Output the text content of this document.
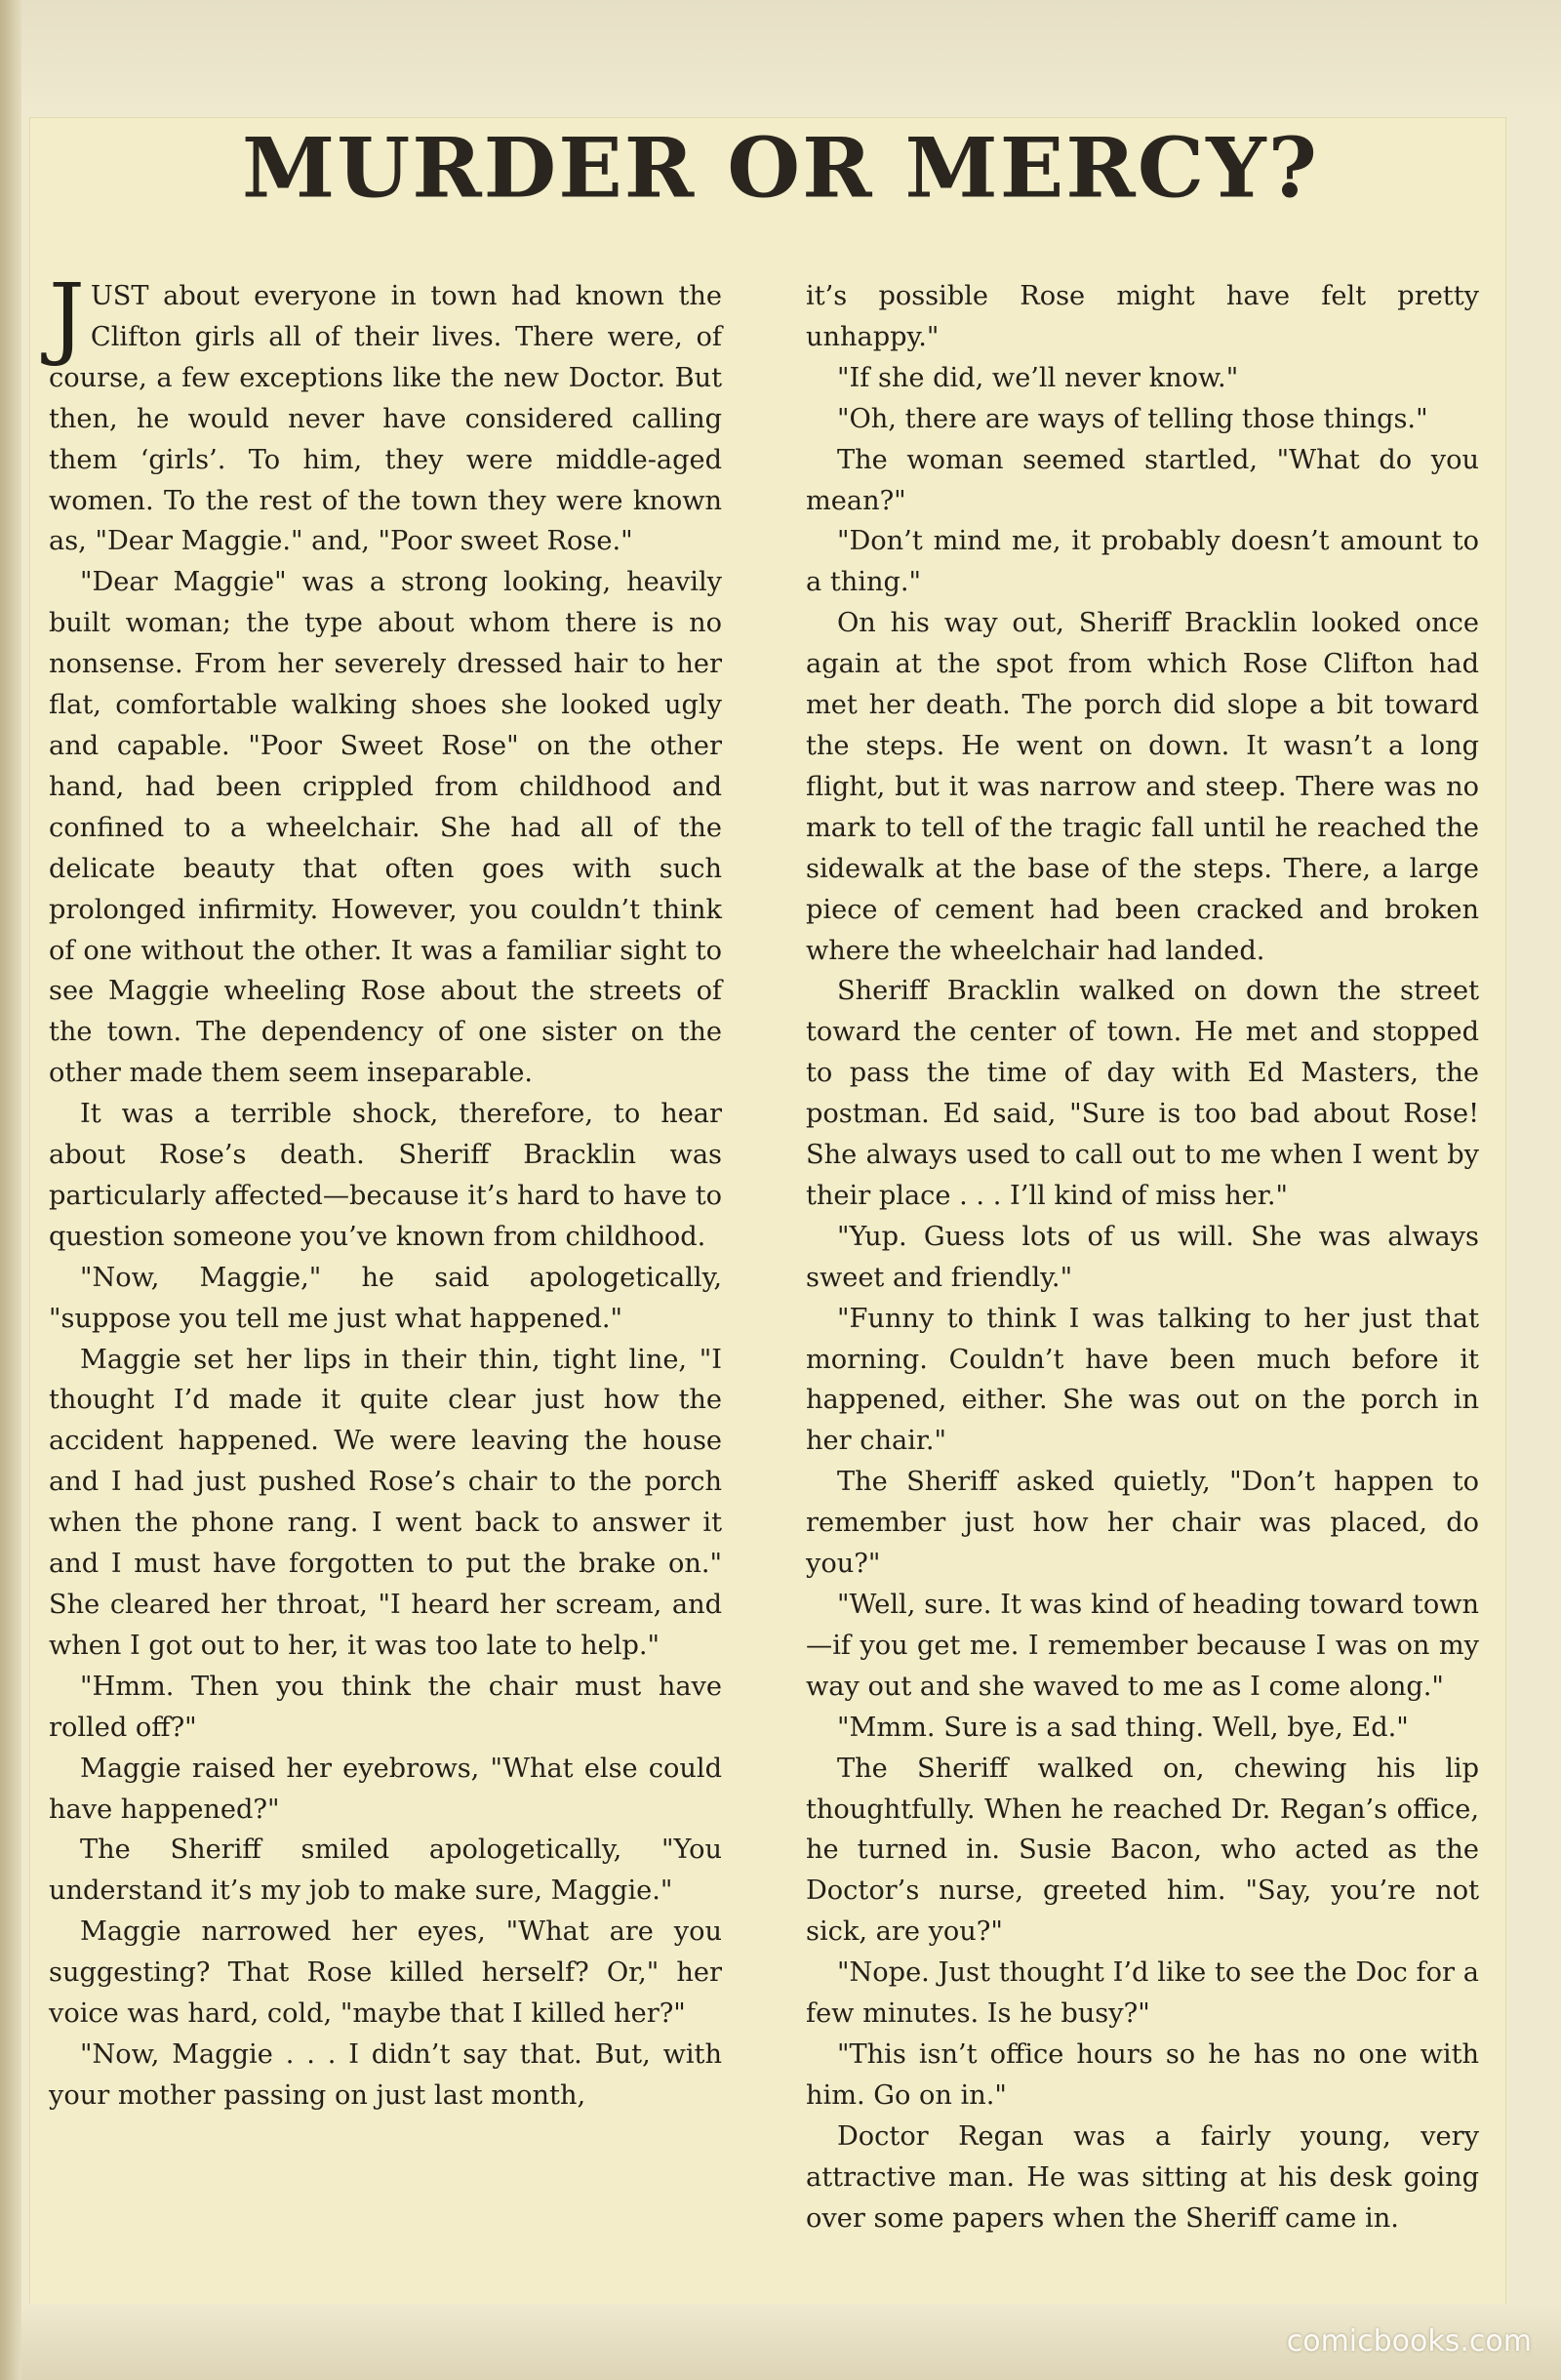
MURDER OR MERCY?

JUST about everyone in town had known the Clifton girls all of their lives. There were, of course, a few exceptions like the new Doctor. But then, he would never have considered calling them ‘girls’. To him, they were middle-aged women. To the rest of the town they were known as, "Dear Maggie." and, "Poor sweet Rose."

"Dear Maggie" was a strong looking, heavily built woman; the type about whom there is no nonsense. From her severely dressed hair to her flat, comfortable walking shoes she looked ugly and capable. "Poor Sweet Rose" on the other hand, had been crippled from childhood and confined to a wheelchair. She had all of the delicate beauty that often goes with such prolonged infirmity. However, you couldn’t think of one without the other. It was a familiar sight to see Maggie wheeling Rose about the streets of the town. The dependency of one sister on the other made them seem inseparable.

It was a terrible shock, therefore, to hear about Rose’s death. Sheriff Bracklin was particularly affected—because it’s hard to have to question someone you’ve known from childhood.

"Now, Maggie," he said apologetically, "suppose you tell me just what happened."

Maggie set her lips in their thin, tight line, "I thought I’d made it quite clear just how the accident happened. We were leaving the house and I had just pushed Rose’s chair to the porch when the phone rang. I went back to answer it and I must have forgotten to put the brake on." She cleared her throat, "I heard her scream, and when I got out to her, it was too late to help."

"Hmm. Then you think the chair must have rolled off?"

Maggie raised her eyebrows, "What else could have happened?"

The Sheriff smiled apologetically, "You understand it’s my job to make sure, Maggie."

Maggie narrowed her eyes, "What are you suggesting? That Rose killed herself? Or," her voice was hard, cold, "maybe that I killed her?"

"Now, Maggie . . . I didn’t say that. But, with your mother passing on just last month,

it’s possible Rose might have felt pretty unhappy."

"If she did, we’ll never know."

"Oh, there are ways of telling those things."

The woman seemed startled, "What do you mean?"

"Don’t mind me, it probably doesn’t amount to a thing."

On his way out, Sheriff Bracklin looked once again at the spot from which Rose Clifton had met her death. The porch did slope a bit toward the steps. He went on down. It wasn’t a long flight, but it was narrow and steep. There was no mark to tell of the tragic fall until he reached the sidewalk at the base of the steps. There, a large piece of cement had been cracked and broken where the wheelchair had landed.

Sheriff Bracklin walked on down the street toward the center of town. He met and stopped to pass the time of day with Ed Masters, the postman. Ed said, "Sure is too bad about Rose! She always used to call out to me when I went by their place . . . I’ll kind of miss her."

"Yup. Guess lots of us will. She was always sweet and friendly."

"Funny to think I was talking to her just that morning. Couldn’t have been much before it happened, either. She was out on the porch in her chair."

The Sheriff asked quietly, "Don’t happen to remember just how her chair was placed, do you?"

"Well, sure. It was kind of heading toward town—if you get me. I remember because I was on my way out and she waved to me as I come along."

"Mmm. Sure is a sad thing. Well, bye, Ed."

The Sheriff walked on, chewing his lip thoughtfully. When he reached Dr. Regan’s office, he turned in. Susie Bacon, who acted as the Doctor’s nurse, greeted him. "Say, you’re not sick, are you?"

"Nope. Just thought I’d like to see the Doc for a few minutes. Is he busy?"

"This isn’t office hours so he has no one with him. Go on in."

Doctor Regan was a fairly young, very attractive man. He was sitting at his desk going over some papers when the Sheriff came in.

comicbooks.com
